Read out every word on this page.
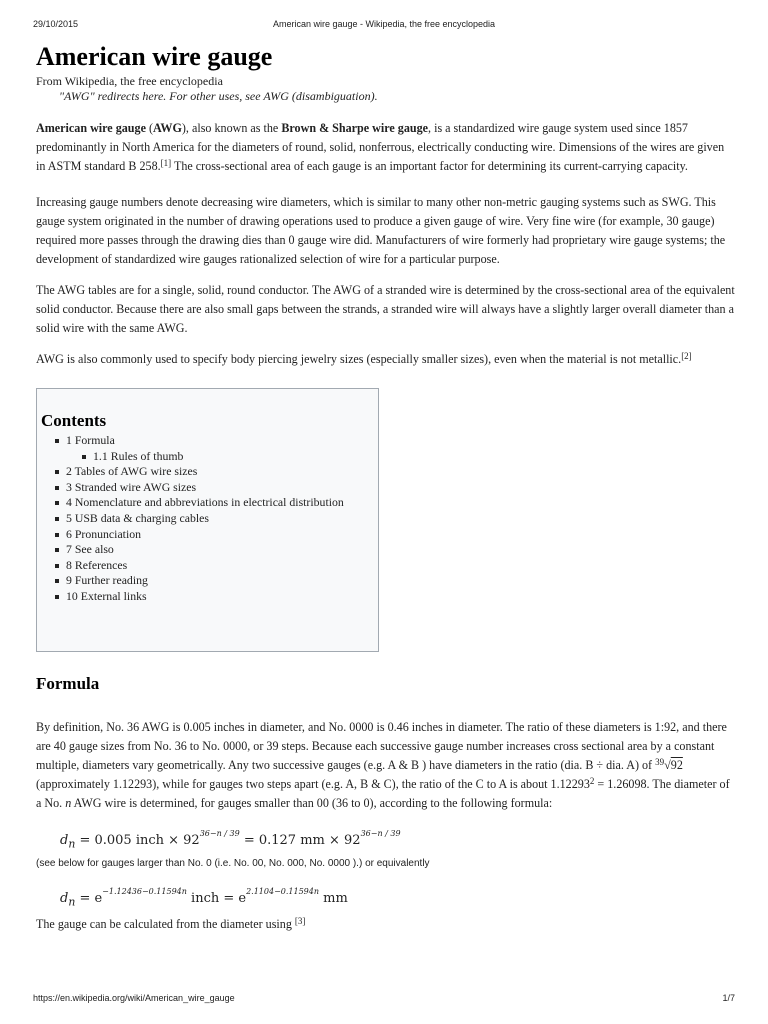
29/10/2015	American wire gauge - Wikipedia, the free encyclopedia
American wire gauge
From Wikipedia, the free encyclopedia
"AWG" redirects here. For other uses, see AWG (disambiguation).

American wire gauge (AWG), also known as the Brown & Sharpe wire gauge, is a standardized wire gauge system used since 1857 predominantly in North America for the diameters of round, solid, nonferrous, electrically conducting wire. Dimensions of the wires are given in ASTM standard B 258.[1] The cross-sectional area of each gauge is an important factor for determining its current-carrying capacity.

Increasing gauge numbers denote decreasing wire diameters, which is similar to many other non-metric gauging systems such as SWG. This gauge system originated in the number of drawing operations used to produce a given gauge of wire. Very fine wire (for example, 30 gauge) required more passes through the drawing dies than 0 gauge wire did. Manufacturers of wire formerly had proprietary wire gauge systems; the development of standardized wire gauges rationalized selection of wire for a particular purpose.

The AWG tables are for a single, solid, round conductor. The AWG of a stranded wire is determined by the cross-sectional area of the equivalent solid conductor. Because there are also small gaps between the strands, a stranded wire will always have a slightly larger overall diameter than a solid wire with the same AWG.

AWG is also commonly used to specify body piercing jewelry sizes (especially smaller sizes), even when the material is not metallic.[2]

Contents
1 Formula
1.1 Rules of thumb
2 Tables of AWG wire sizes
3 Stranded wire AWG sizes
4 Nomenclature and abbreviations in electrical distribution
5 USB data & charging cables
6 Pronunciation
7 See also
8 References
9 Further reading
10 External links
Formula

By definition, No. 36 AWG is 0.005 inches in diameter, and No. 0000 is 0.46 inches in diameter. The ratio of these diameters is 1:92, and there are 40 gauge sizes from No. 36 to No. 0000, or 39 steps. Because each successive gauge number increases cross sectional area by a constant multiple, diameters vary geometrically. Any two successive gauges (e.g. A & B ) have diameters in the ratio (dia. B ÷ dia. A) of $^{39}$√92 (approximately 1.12293), while for gauges two steps apart (e.g. A, B & C), the ratio of the C to A is about $1.12293^2 = 1.26098$. The diameter of a No. n AWG wire is determined, for gauges smaller than 00 (36 to 0), according to the following formula:

$d_n = 0.005$ inch × $92^{36-n / 39} = 0.127$ mm × $92^{36-n / 39}$
(see below for gauges larger than No. 0 (i.e. No. 00, No. 000, No. 0000 ).) or equivalently
$d_n = e^{-1.12436-0.11594n}$ inch = $e^{2.1104-0.11594n}$ mm

The gauge can be calculated from the diameter using [3]

https://en.wikipedia.org/wiki/American_wire_gauge	1/7
